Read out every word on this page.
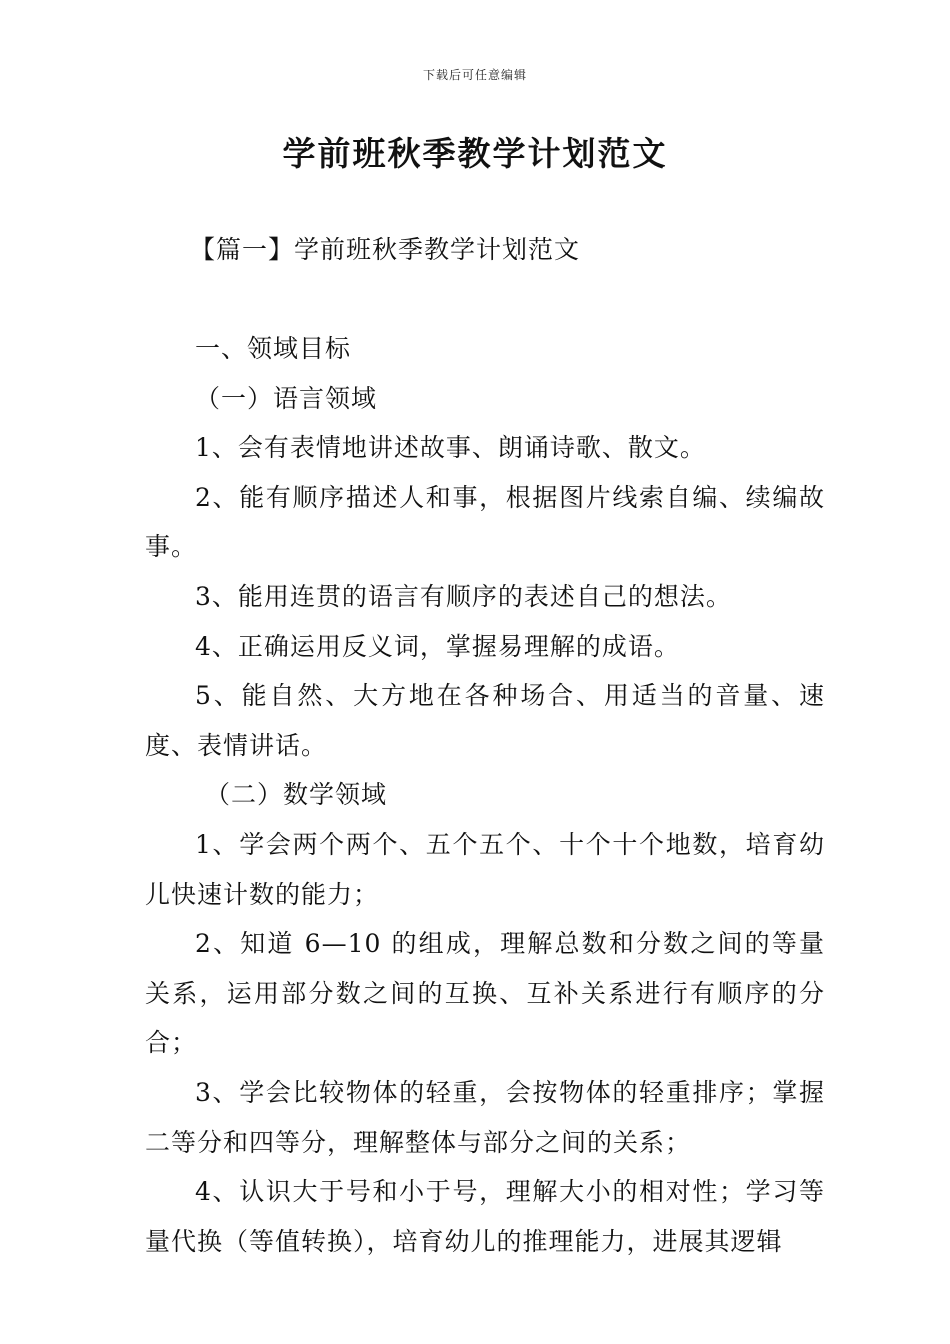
下载后可任意编辑
学前班秋季教学计划范文
【篇一】学前班秋季教学计划范文

一、领域目标

（一）语言领域

1、会有表情地讲述故事、朗诵诗歌、散文。

2、能有顺序描述人和事，根据图片线索自编、续编故事。

3、能用连贯的语言有顺序的表述自己的想法。

4、正确运用反义词，掌握易理解的成语。

5、能自然、大方地在各种场合、用适当的音量、速度、表情讲话。

（二）数学领域

1、学会两个两个、五个五个、十个十个地数，培育幼儿快速计数的能力；

2、知道 6—10 的组成，理解总数和分数之间的等量关系，运用部分数之间的互换、互补关系进行有顺序的分合；

3、学会比较物体的轻重，会按物体的轻重排序；掌握二等分和四等分，理解整体与部分之间的关系；

4、认识大于号和小于号，理解大小的相对性；学习等量代换（等值转换），培育幼儿的推理能力，进展其逻辑
